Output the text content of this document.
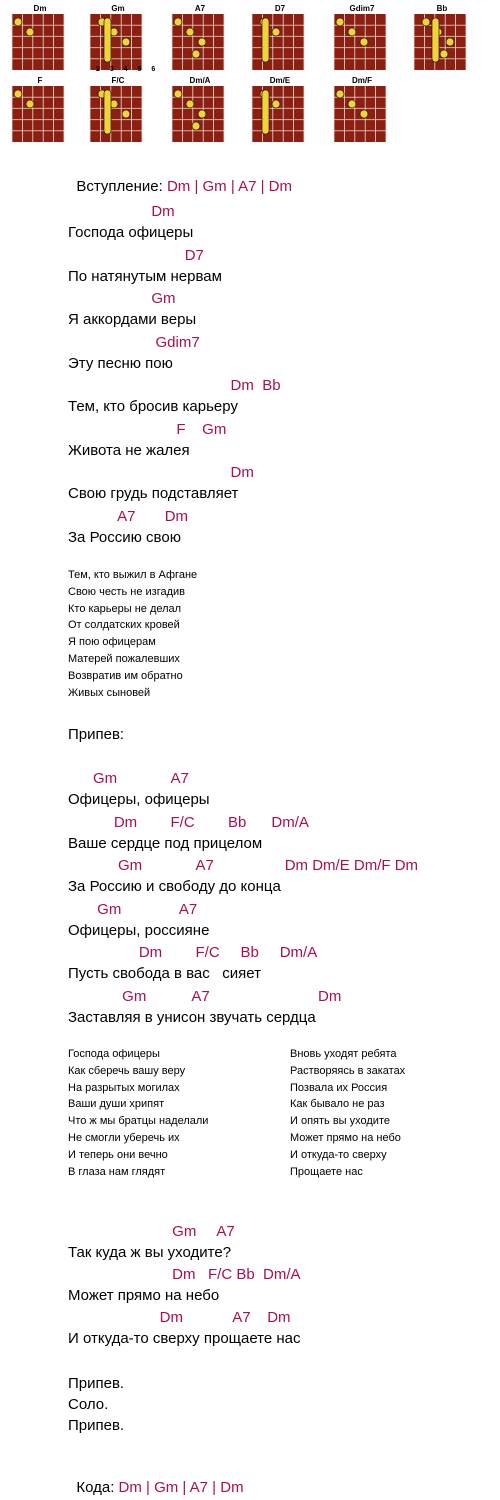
Dm	Gm	A7	D7	Gdim7	Bb
F	F/C	Dm/A	Dm/E	Dm/F
2 3 4 5 6

Вступление: Dm | Gm | A7 | Dm

Dm
Господа офицеры
D7
По натянутым нервам
Gm
Я аккордами веры
Gdim7
Эту песню пою
Dm  Bb
Тем, кто бросив карьеру
F    Gm
Живота не жалея
Dm
Свою грудь подставляет
A7       Dm
За Россию свою
Тем, кто выжил в Афгане
Свою честь не изгадив
Кто карьеры не делал
От солдатских кровей
Я пою офицерам
Матерей пожалевших
Возвратив им обратно
Живых сыновей
Припев:
Gm             A7
Офицеры, офицеры
Dm        F/C        Bb      Dm/A
Ваше сердце под прицелом
Gm             A7                 Dm Dm/E Dm/F Dm
За Россию и свободу до конца
Gm              A7
Офицеры, россияне
Dm        F/C     Bb     Dm/A
Пусть свобода в вас   сияет
Gm           A7                          Dm
Заставляя в унисон звучать сердца
Господа офицеры
Как сберечь вашу веру
На разрытых могилах
Ваши души хрипят
Что ж мы братцы наделали
Не смогли уберечь их
И теперь они вечно
В глаза нам глядят
Вновь уходят ребята
Растворяясь в закатах
Позвала их Россия
Как бывало не раз
И опять вы уходите
Может прямо на небо
И откуда-то сверху
Прощаете нас
Gm     A7
Так куда ж вы уходите?
Dm   F/C Bb  Dm/A
Может прямо на небо
Dm            A7    Dm
И откуда-то сверху прощаете нас
Припев.
Соло.
Припев.

Кода: Dm | Gm | A7 | Dm
